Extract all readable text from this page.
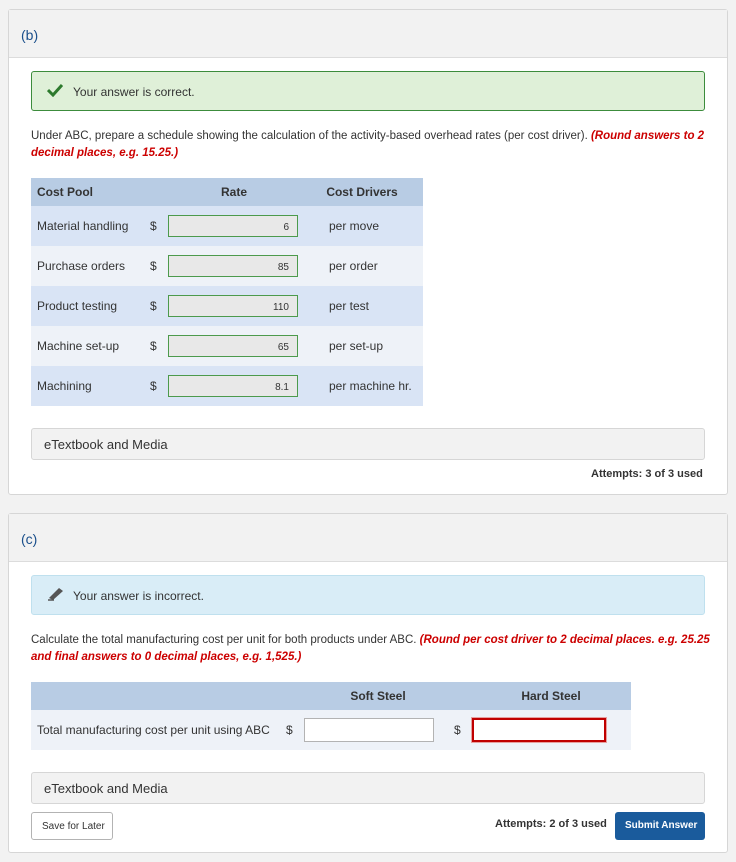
(b)
Your answer is correct.
Under ABC, prepare a schedule showing the calculation of the activity-based overhead rates (per cost driver). (Round answers to 2 decimal places, e.g. 15.25.)
Cost Pool		Rate	Cost Drivers
Material handling	$	6	per move
Purchase orders	$	85	per order
Product testing	$	110	per test
Machine set-up	$	65	per set-up
Machining	$	8.1	per machine hr.
eTextbook and Media
Attempts: 3 of 3 used
(c)
Your answer is incorrect.
Calculate the total manufacturing cost per unit for both products under ABC. (Round per cost driver to 2 decimal places. e.g. 25.25 and final answers to 0 decimal places, e.g. 1,525.)
		Soft Steel		Hard Steel
Total manufacturing cost per unit using ABC	$		$	
eTextbook and Media
Save for Later	Attempts: 2 of 3 used	Submit Answer
